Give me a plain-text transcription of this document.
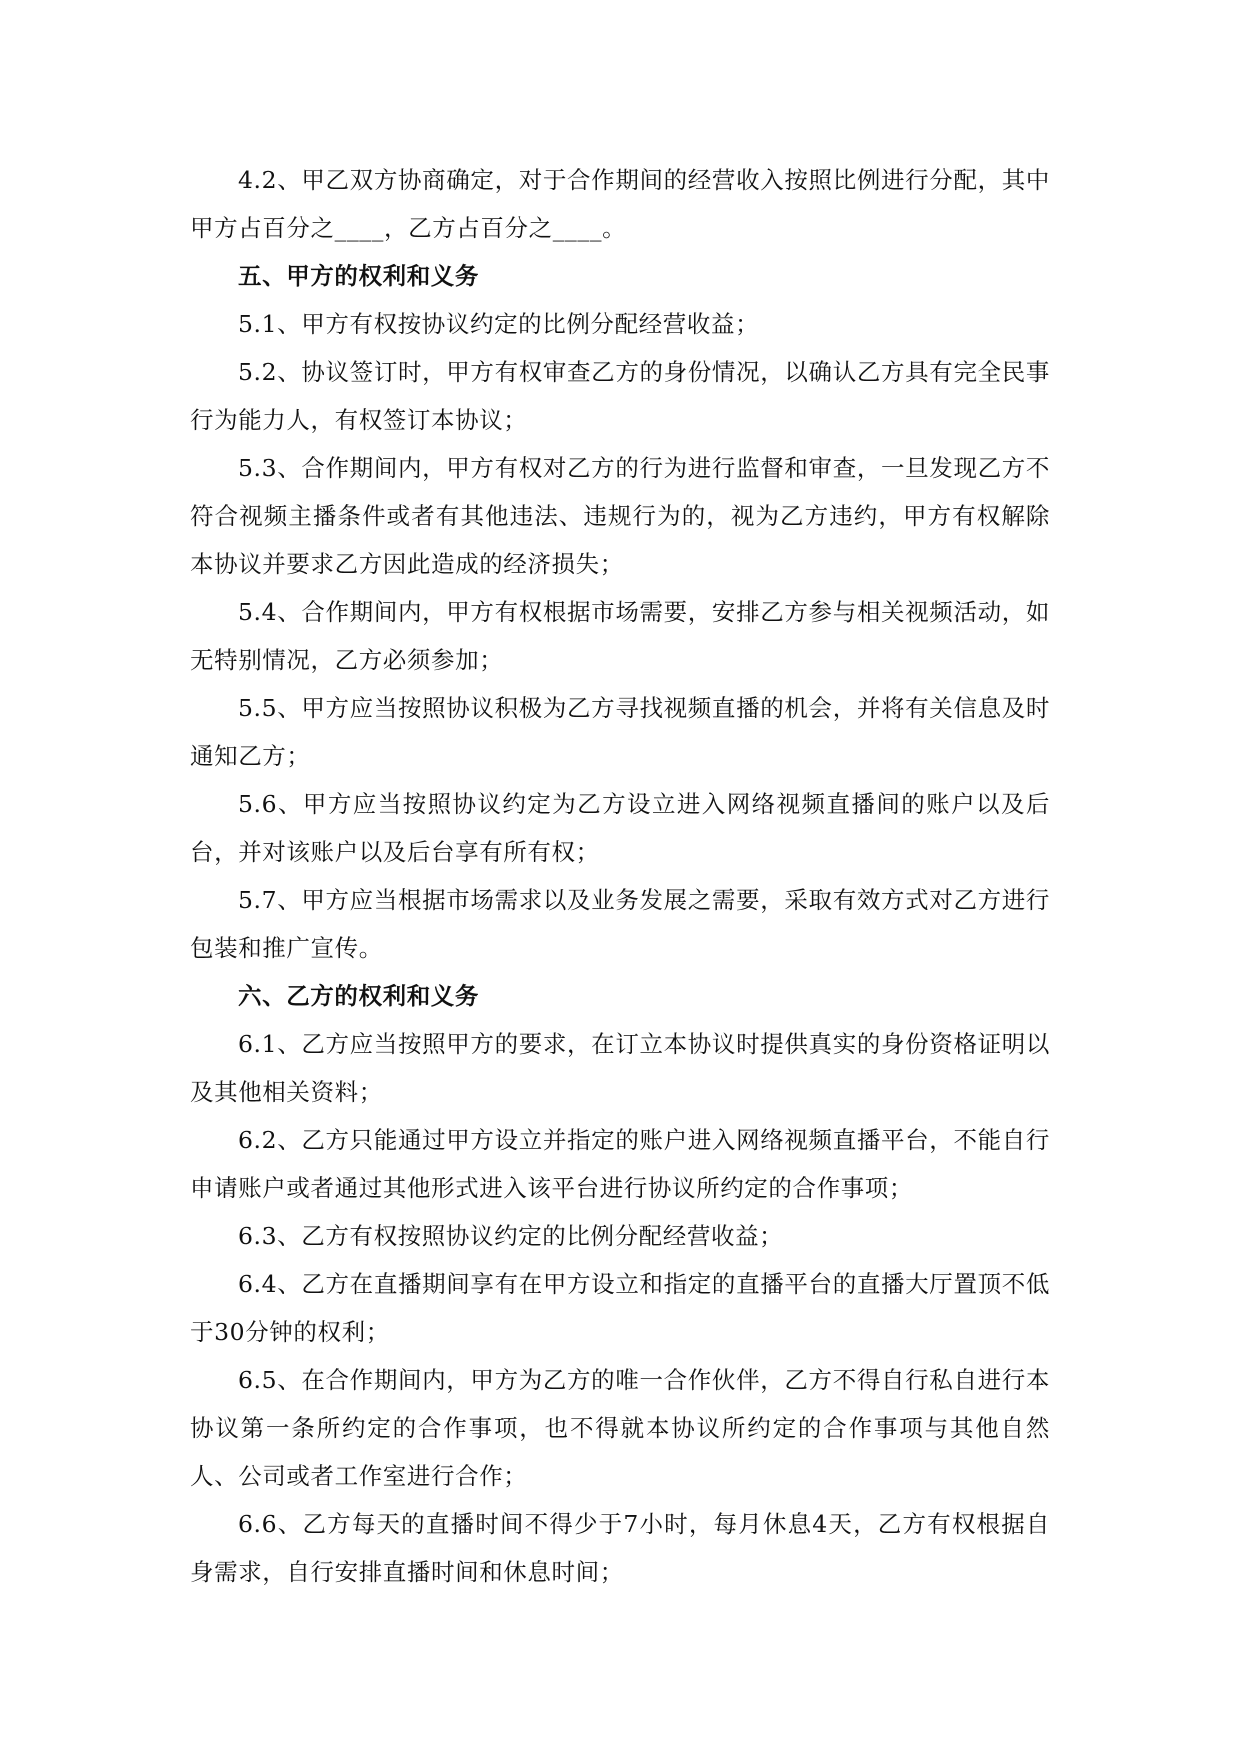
4.2、甲乙双方协商确定，对于合作期间的经营收入按照比例进行分配，其中甲方占百分之____，乙方占百分之____。

五、甲方的权利和义务

5.1、甲方有权按协议约定的比例分配经营收益；

5.2、协议签订时，甲方有权审查乙方的身份情况，以确认乙方具有完全民事行为能力人，有权签订本协议；

5.3、合作期间内，甲方有权对乙方的行为进行监督和审查，一旦发现乙方不符合视频主播条件或者有其他违法、违规行为的，视为乙方违约，甲方有权解除本协议并要求乙方因此造成的经济损失；

5.4、合作期间内，甲方有权根据市场需要，安排乙方参与相关视频活动，如无特别情况，乙方必须参加；

5.5、甲方应当按照协议积极为乙方寻找视频直播的机会，并将有关信息及时通知乙方；

5.6、甲方应当按照协议约定为乙方设立进入网络视频直播间的账户以及后台，并对该账户以及后台享有所有权；

5.7、甲方应当根据市场需求以及业务发展之需要，采取有效方式对乙方进行包装和推广宣传。

六、乙方的权利和义务

6.1、乙方应当按照甲方的要求，在订立本协议时提供真实的身份资格证明以及其他相关资料；

6.2、乙方只能通过甲方设立并指定的账户进入网络视频直播平台，不能自行申请账户或者通过其他形式进入该平台进行协议所约定的合作事项；

6.3、乙方有权按照协议约定的比例分配经营收益；

6.4、乙方在直播期间享有在甲方设立和指定的直播平台的直播大厅置顶不低于30分钟的权利；

6.5、在合作期间内，甲方为乙方的唯一合作伙伴，乙方不得自行私自进行本协议第一条所约定的合作事项，也不得就本协议所约定的合作事项与其他自然人、公司或者工作室进行合作；

6.6、乙方每天的直播时间不得少于7小时，每月休息4天，乙方有权根据自身需求，自行安排直播时间和休息时间；
